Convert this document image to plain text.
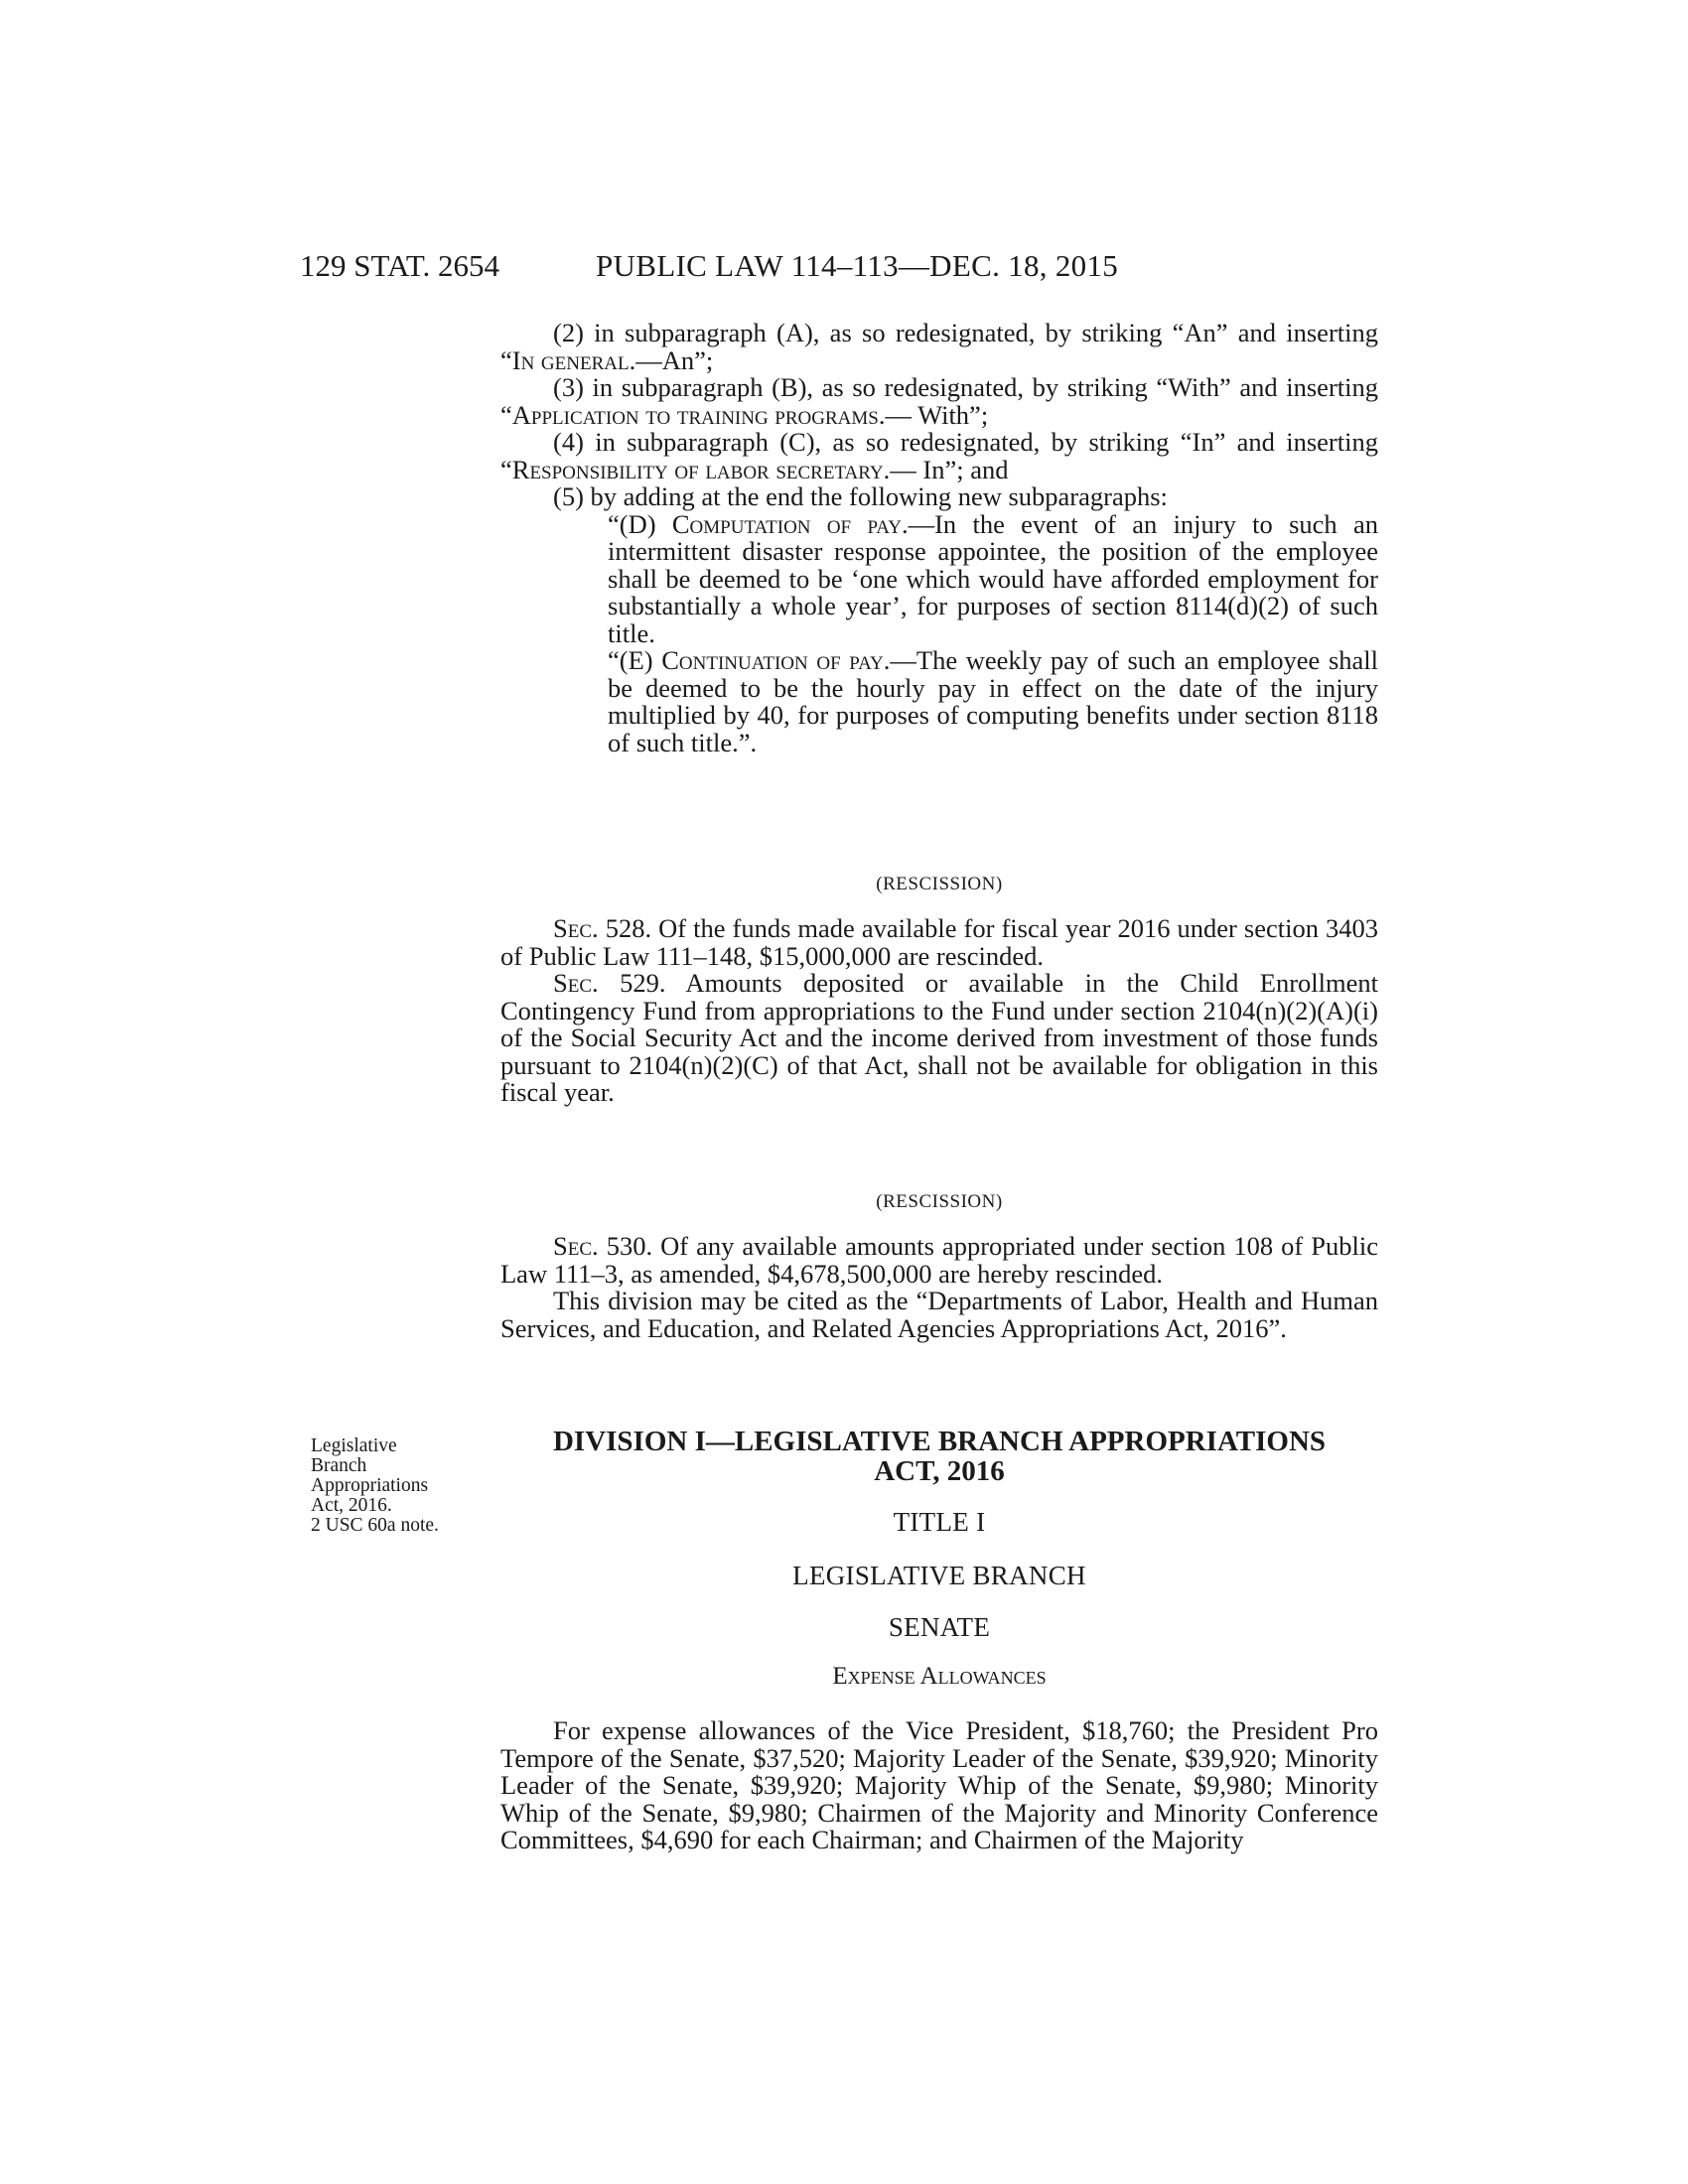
129 STAT. 2654	PUBLIC LAW 114–113—DEC. 18, 2015

(2) in subparagraph (A), as so redesignated, by striking “An” and inserting “In general.—An”;

(3) in subparagraph (B), as so redesignated, by striking “With” and inserting “Application to training programs.— With”;

(4) in subparagraph (C), as so redesignated, by striking “In” and inserting “Responsibility of labor secretary.— In”; and

(5) by adding at the end the following new subparagraphs:

“(D) Computation of pay.—In the event of an injury to such an intermittent disaster response appointee, the position of the employee shall be deemed to be ‘one which would have afforded employment for substantially a whole year’, for purposes of section 8114(d)(2) of such title.

“(E) Continuation of pay.—The weekly pay of such an employee shall be deemed to be the hourly pay in effect on the date of the injury multiplied by 40, for purposes of computing benefits under section 8118 of such title.”.

(RESCISSION)

Sec. 528. Of the funds made available for fiscal year 2016 under section 3403 of Public Law 111–148, $15,000,000 are rescinded.

Sec. 529. Amounts deposited or available in the Child Enrollment Contingency Fund from appropriations to the Fund under section 2104(n)(2)(A)(i) of the Social Security Act and the income derived from investment of those funds pursuant to 2104(n)(2)(C) of that Act, shall not be available for obligation in this fiscal year.

(RESCISSION)

Sec. 530. Of any available amounts appropriated under section 108 of Public Law 111–3, as amended, $4,678,500,000 are hereby rescinded.

This division may be cited as the “Departments of Labor, Health and Human Services, and Education, and Related Agencies Appropriations Act, 2016”.

DIVISION I—LEGISLATIVE BRANCH APPROPRIATIONS
ACT, 2016
Legislative
Branch
Appropriations
Act, 2016.
2 USC 60a note.	TITLE I
LEGISLATIVE BRANCH
SENATE
Expense Allowances

For expense allowances of the Vice President, $18,760; the President Pro Tempore of the Senate, $37,520; Majority Leader of the Senate, $39,920; Minority Leader of the Senate, $39,920; Majority Whip of the Senate, $9,980; Minority Whip of the Senate, $9,980; Chairmen of the Majority and Minority Conference Committees, $4,690 for each Chairman; and Chairmen of the Majority
